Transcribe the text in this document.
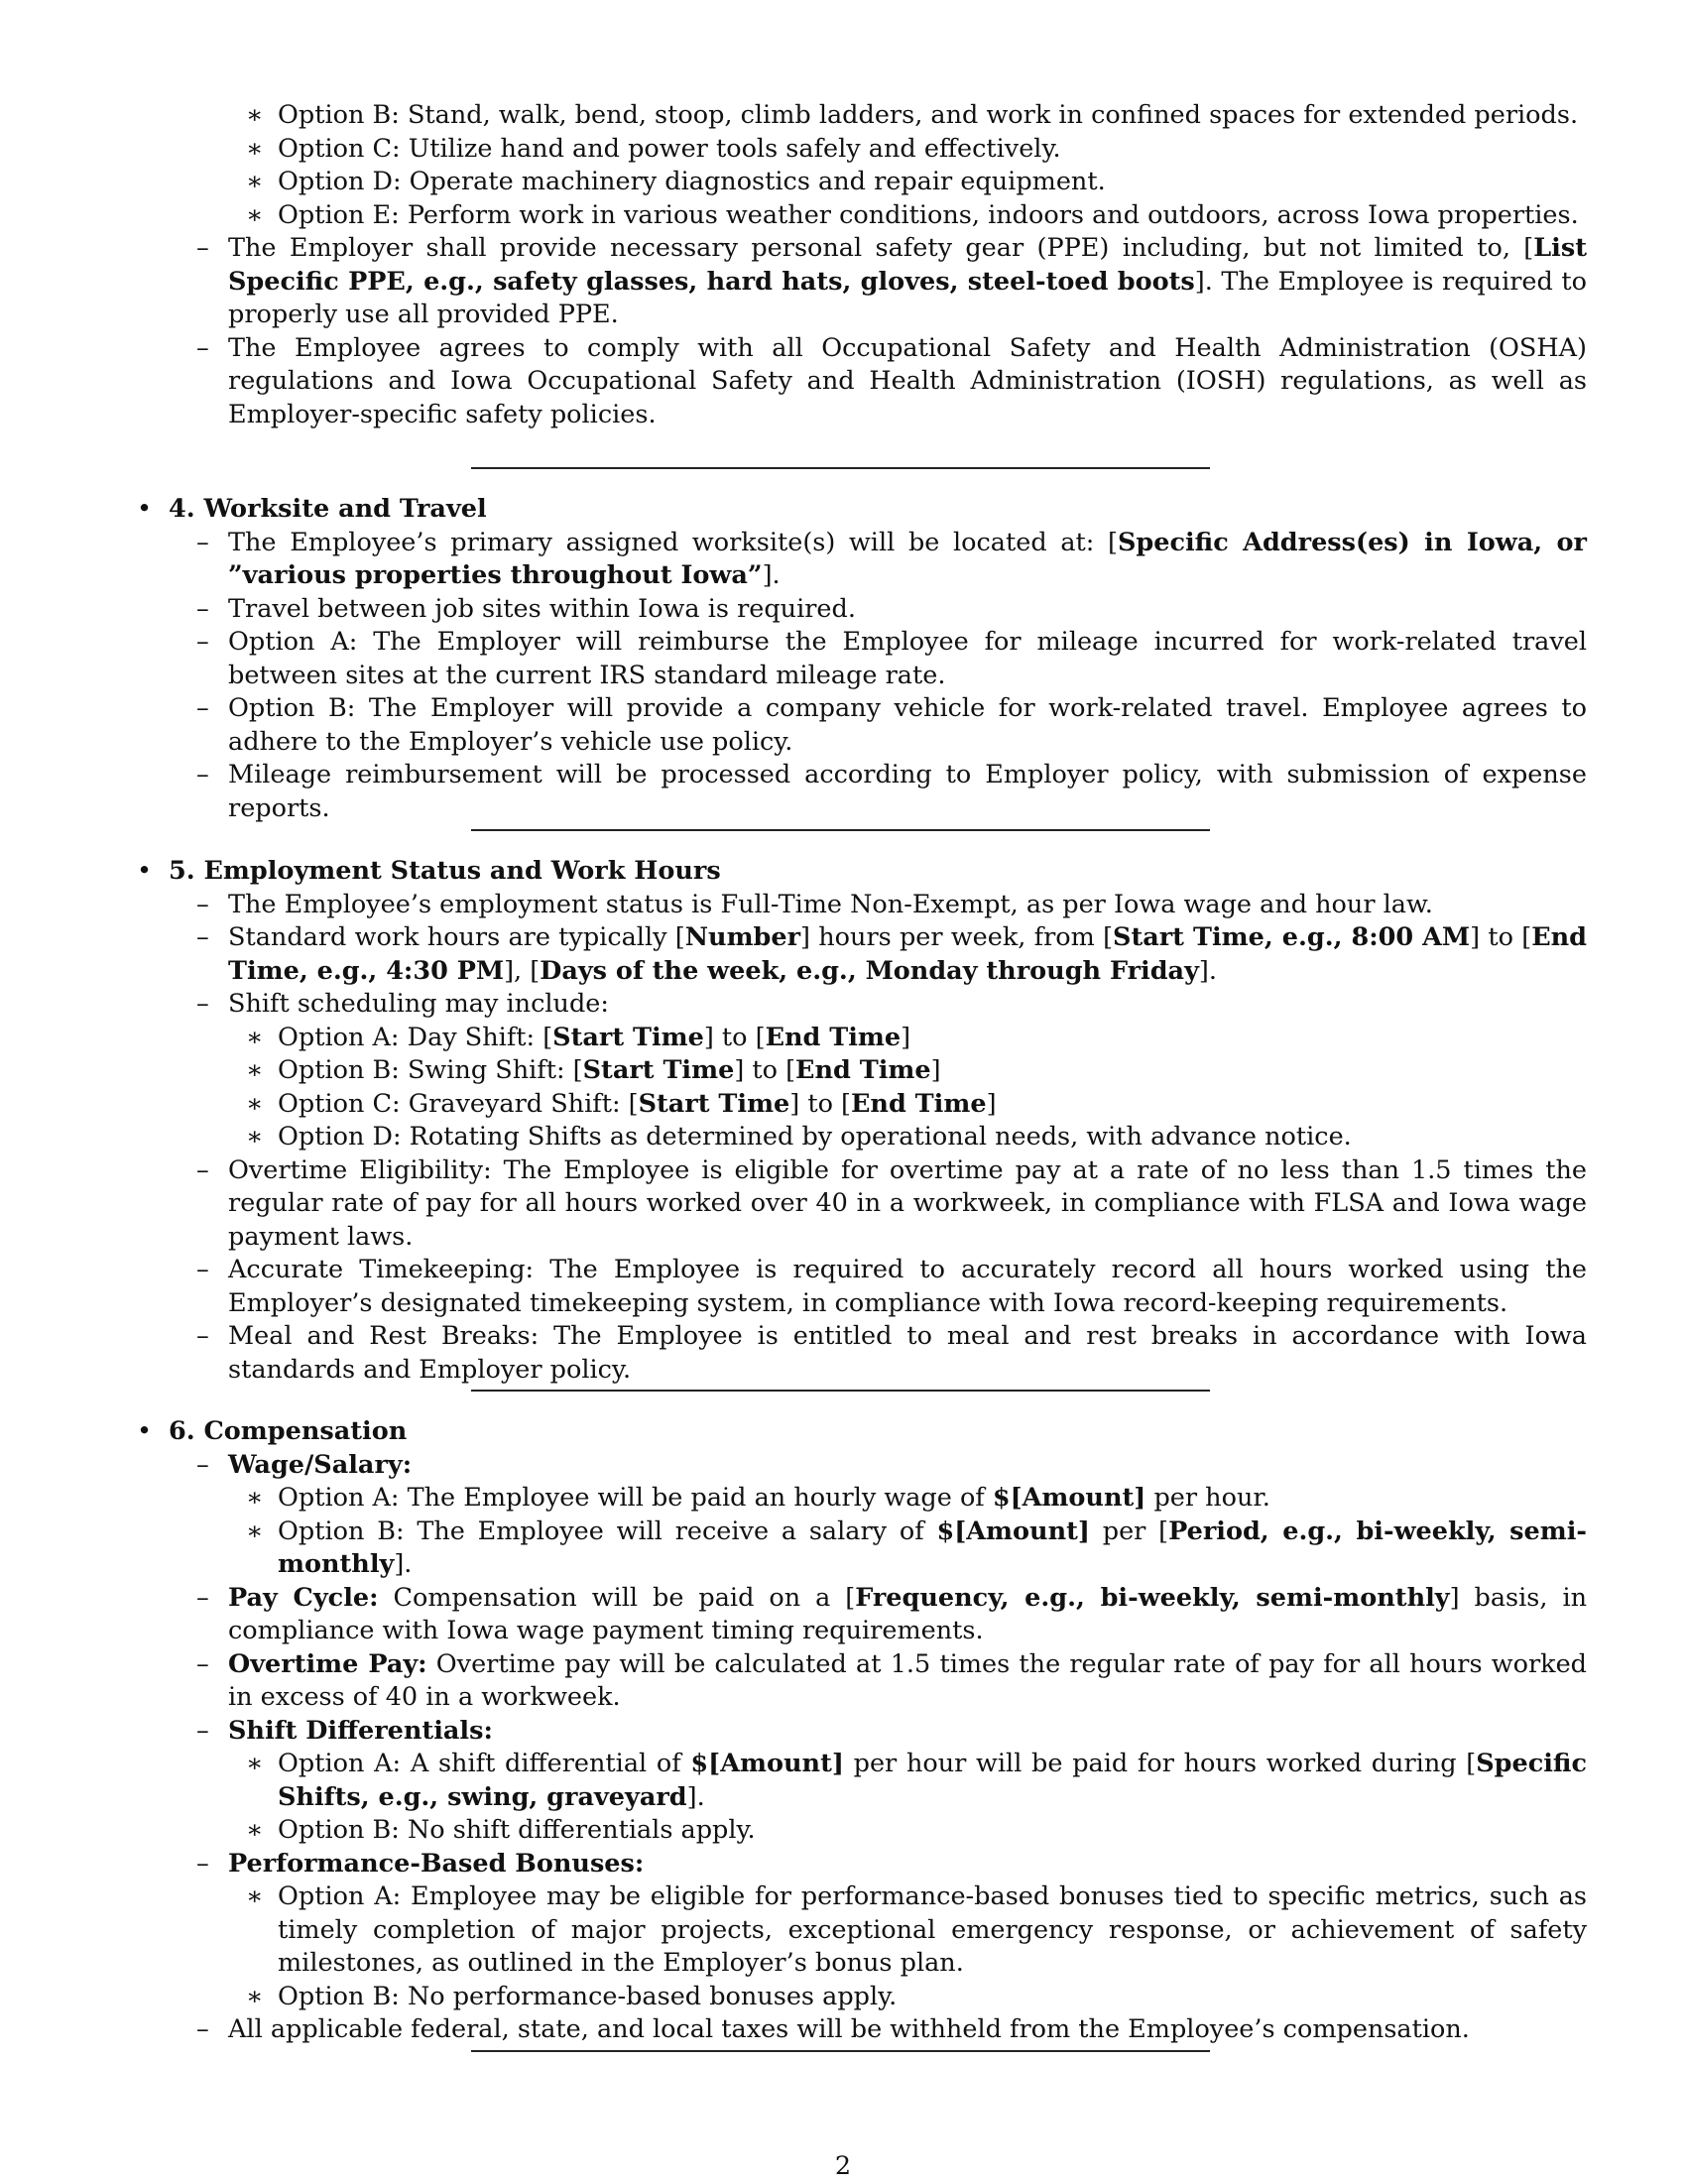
∗ Option B: Stand, walk, bend, stoop, climb ladders, and work in confined spaces for extended periods.
∗ Option C: Utilize hand and power tools safely and effectively.
∗ Option D: Operate machinery diagnostics and repair equipment.
∗ Option E: Perform work in various weather conditions, indoors and outdoors, across Iowa properties.
– The Employer shall provide necessary personal safety gear (PPE) including, but not limited to, [List Specific PPE, e.g., safety glasses, hard hats, gloves, steel-toed boots]. The Employee is required to properly use all provided PPE.
– The Employee agrees to comply with all Occupational Safety and Health Administration (OSHA) regulations and Iowa Occupational Safety and Health Administration (IOSH) regulations, as well as Employer-specific safety policies.
• 4. Worksite and Travel
– The Employee’s primary assigned worksite(s) will be located at: [Specific Address(es) in Iowa, or ”various properties throughout Iowa”].
– Travel between job sites within Iowa is required.
– Option A: The Employer will reimburse the Employee for mileage incurred for work-related travel between sites at the current IRS standard mileage rate.
– Option B: The Employer will provide a company vehicle for work-related travel. Employee agrees to adhere to the Employer’s vehicle use policy.
– Mileage reimbursement will be processed according to Employer policy, with submission of expense reports.
• 5. Employment Status and Work Hours
– The Employee’s employment status is Full-Time Non-Exempt, as per Iowa wage and hour law.
– Standard work hours are typically [Number] hours per week, from [Start Time, e.g., 8:00 AM] to [End Time, e.g., 4:30 PM], [Days of the week, e.g., Monday through Friday].
– Shift scheduling may include:
∗ Option A: Day Shift: [Start Time] to [End Time]
∗ Option B: Swing Shift: [Start Time] to [End Time]
∗ Option C: Graveyard Shift: [Start Time] to [End Time]
∗ Option D: Rotating Shifts as determined by operational needs, with advance notice.
– Overtime Eligibility: The Employee is eligible for overtime pay at a rate of no less than 1.5 times the regular rate of pay for all hours worked over 40 in a workweek, in compliance with FLSA and Iowa wage payment laws.
– Accurate Timekeeping: The Employee is required to accurately record all hours worked using the Employer’s designated timekeeping system, in compliance with Iowa record-keeping requirements.
– Meal and Rest Breaks: The Employee is entitled to meal and rest breaks in accordance with Iowa standards and Employer policy.
• 6. Compensation
– Wage/Salary:
∗ Option A: The Employee will be paid an hourly wage of $[Amount] per hour.
∗ Option B: The Employee will receive a salary of $[Amount] per [Period, e.g., bi-weekly, semi-monthly].
– Pay Cycle: Compensation will be paid on a [Frequency, e.g., bi-weekly, semi-monthly] basis, in compliance with Iowa wage payment timing requirements.
– Overtime Pay: Overtime pay will be calculated at 1.5 times the regular rate of pay for all hours worked in excess of 40 in a workweek.
– Shift Differentials:
∗ Option A: A shift differential of $[Amount] per hour will be paid for hours worked during [Specific Shifts, e.g., swing, graveyard].
∗ Option B: No shift differentials apply.
– Performance-Based Bonuses:
∗ Option A: Employee may be eligible for performance-based bonuses tied to specific metrics, such as timely completion of major projects, exceptional emergency response, or achievement of safety milestones, as outlined in the Employer’s bonus plan.
∗ Option B: No performance-based bonuses apply.
– All applicable federal, state, and local taxes will be withheld from the Employee’s compensation.
2
